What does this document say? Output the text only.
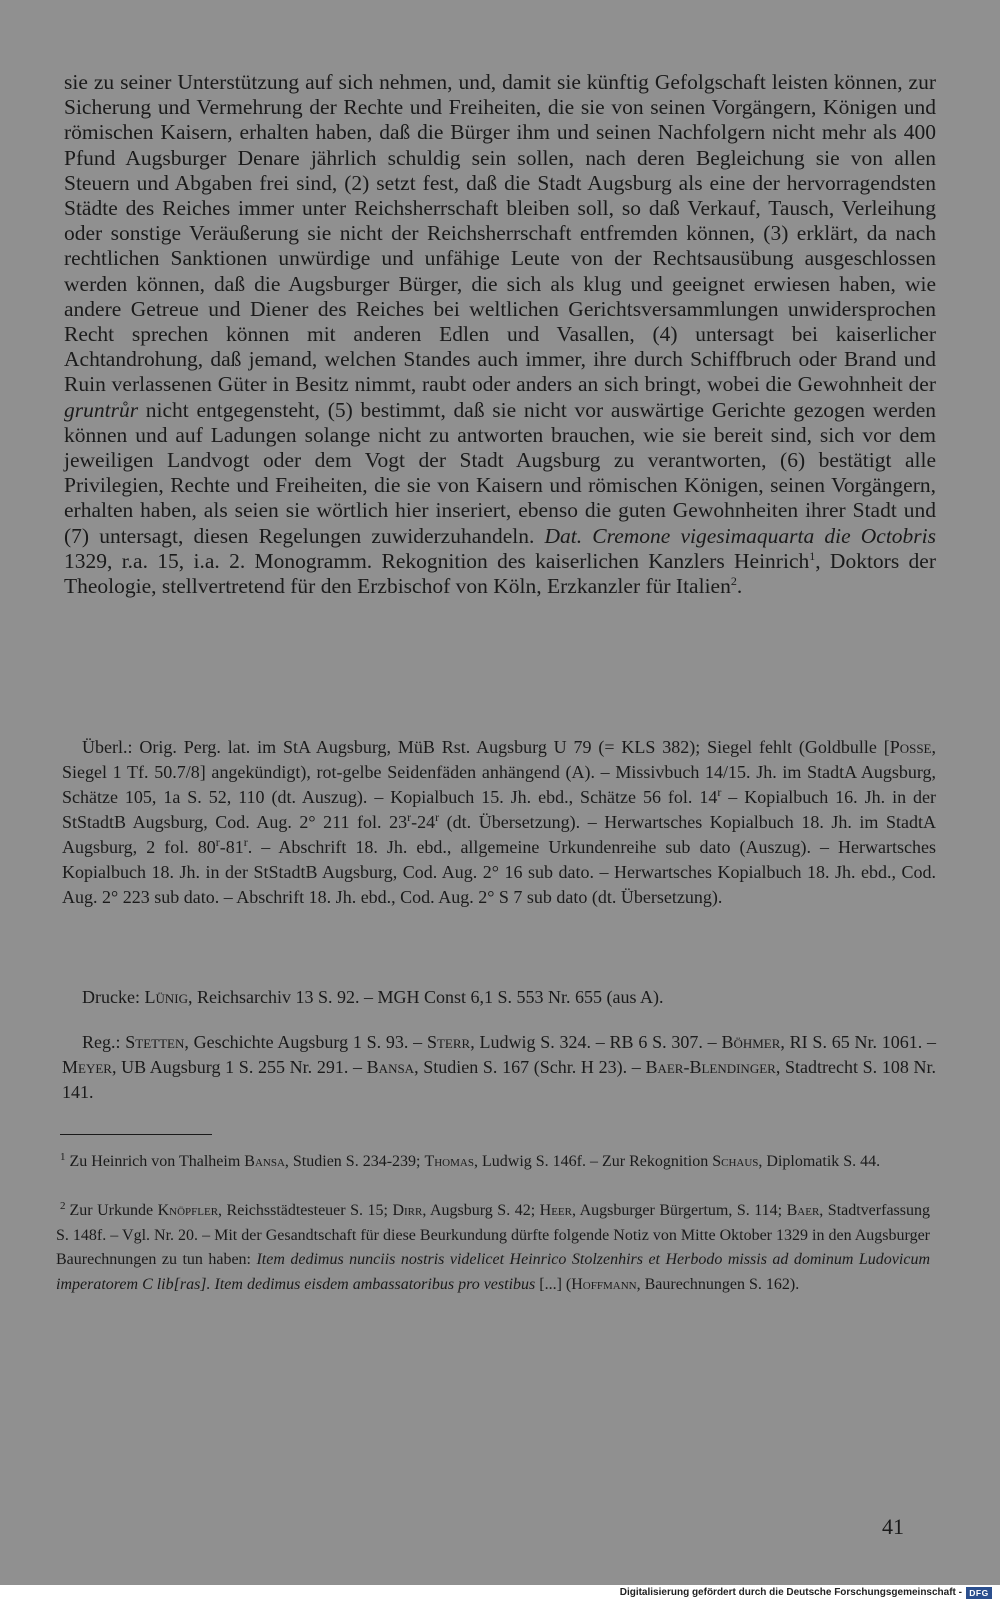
sie zu seiner Unterstützung auf sich nehmen, und, damit sie künftig Gefolgschaft leisten können, zur Sicherung und Vermehrung der Rechte und Freiheiten, die sie von seinen Vorgängern, Königen und römischen Kaisern, erhalten haben, daß die Bürger ihm und seinen Nachfolgern nicht mehr als 400 Pfund Augsburger Denare jährlich schuldig sein sollen, nach deren Begleichung sie von allen Steuern und Abgaben frei sind, (2) setzt fest, daß die Stadt Augsburg als eine der hervorragendsten Städte des Reiches immer unter Reichsherrschaft bleiben soll, so daß Verkauf, Tausch, Verleihung oder sonstige Veräußerung sie nicht der Reichsherrschaft entfremden können, (3) erklärt, da nach rechtlichen Sanktionen unwürdige und unfähige Leute von der Rechtsausübung ausgeschlossen werden können, daß die Augsburger Bürger, die sich als klug und geeignet erwiesen haben, wie andere Getreue und Diener des Reiches bei weltlichen Gerichtsversammlungen unwidersprochen Recht sprechen können mit anderen Edlen und Vasallen, (4) untersagt bei kaiserlicher Achtandrohung, daß jemand, welchen Standes auch immer, ihre durch Schiffbruch oder Brand und Ruin verlassenen Güter in Besitz nimmt, raubt oder anders an sich bringt, wobei die Gewohnheit der gruntrůr nicht entgegensteht, (5) bestimmt, daß sie nicht vor auswärtige Gerichte gezogen werden können und auf Ladungen solange nicht zu antworten brauchen, wie sie bereit sind, sich vor dem jeweiligen Landvogt oder dem Vogt der Stadt Augsburg zu verantworten, (6) bestätigt alle Privilegien, Rechte und Freiheiten, die sie von Kaisern und römischen Königen, seinen Vorgängern, erhalten haben, als seien sie wörtlich hier inseriert, ebenso die guten Gewohnheiten ihrer Stadt und (7) untersagt, diesen Regelungen zuwiderzuhandeln. Dat. Cremone vigesimaquarta die Octobris 1329, r.a. 15, i.a. 2. Monogramm. Rekognition des kaiserlichen Kanzlers Heinrich$^1$, Doktors der Theologie, stellvertretend für den Erzbischof von Köln, Erzkanzler für Italien$^2$.

Überl.: Orig. Perg. lat. im StA Augsburg, MüB Rst. Augsburg U 79 (= KLS 382); Siegel fehlt (Goldbulle [Posse, Siegel 1 Tf. 50.7/8] angekündigt), rot-gelbe Seidenfäden anhängend (A). – Missivbuch 14/15. Jh. im StadtA Augsburg, Schätze 105, 1a S. 52, 110 (dt. Auszug). – Kopialbuch 15. Jh. ebd., Schätze 56 fol. 14$^r$ – Kopialbuch 16. Jh. in der StStadtB Augsburg, Cod. Aug. 2° 211 fol. 23$^r$-24$^r$ (dt. Übersetzung). – Herwartsches Kopialbuch 18. Jh. im StadtA Augsburg, 2 fol. 80$^r$-81$^r$. – Abschrift 18. Jh. ebd., allgemeine Urkundenreihe sub dato (Auszug). – Herwartsches Kopialbuch 18. Jh. in der StStadtB Augsburg, Cod. Aug. 2° 16 sub dato. – Herwartsches Kopialbuch 18. Jh. ebd., Cod. Aug. 2° 223 sub dato. – Abschrift 18. Jh. ebd., Cod. Aug. 2° S 7 sub dato (dt. Übersetzung).

Drucke: Lünig, Reichsarchiv 13 S. 92. – MGH Const 6,1 S. 553 Nr. 655 (aus A).

Reg.: Stetten, Geschichte Augsburg 1 S. 93. – Sterr, Ludwig S. 324. – RB 6 S. 307. – Böhmer, RI S. 65 Nr. 1061. – Meyer, UB Augsburg 1 S. 255 Nr. 291. – Bansa, Studien S. 167 (Schr. H 23). – Baer-Blendinger, Stadtrecht S. 108 Nr. 141.

$^1$ Zu Heinrich von Thalheim Bansa, Studien S. 234-239; Thomas, Ludwig S. 146f. – Zur Rekognition Schaus, Diplomatik S. 44.
$^2$ Zur Urkunde Knöpfler, Reichsstädtesteuer S. 15; Dirr, Augsburg S. 42; Heer, Augsburger Bürgertum, S. 114; Baer, Stadtverfassung S. 148f. – Vgl. Nr. 20. – Mit der Gesandtschaft für diese Beurkundung dürfte folgende Notiz von Mitte Oktober 1329 in den Augsburger Baurechnungen zu tun haben: Item dedimus nunciis nostris videlicet Heinrico Stolzenhirs et Herbodo missis ad dominum Ludovicum imperatorem C lib[ras]. Item dedimus eisdem ambassatoribus pro vestibus [...] (Hoffmann, Baurechnungen S. 162).
41
Digitalisierung gefördert durch die Deutsche Forschungsgemeinschaft - DFG
